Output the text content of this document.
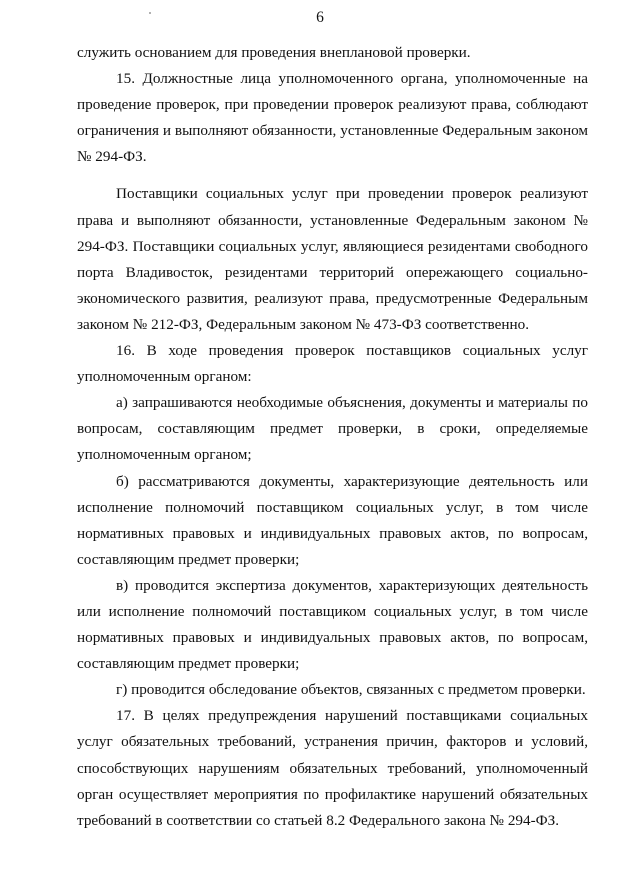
6

служить основанием для проведения внеплановой проверки.

15. Должностные лица уполномоченного органа, уполномоченные на проведение проверок, при проведении проверок реализуют права, соблюдают ограничения и выполняют обязанности, установленные Федеральным законом № 294-ФЗ.

Поставщики социальных услуг при проведении проверок реализуют права и выполняют обязанности, установленные Федеральным законом № 294-ФЗ. Поставщики социальных услуг, являющиеся резидентами свободного порта Владивосток, резидентами территорий опережающего социально-экономического развития, реализуют права, предусмотренные Федеральным законом № 212-ФЗ, Федеральным законом № 473-ФЗ соответственно.

16. В ходе проведения проверок поставщиков социальных услуг уполномоченным органом:

а) запрашиваются необходимые объяснения, документы и материалы по вопросам, составляющим предмет проверки, в сроки, определяемые уполномоченным органом;

б) рассматриваются документы, характеризующие деятельность или исполнение полномочий поставщиком социальных услуг, в том числе нормативных правовых и индивидуальных правовых актов, по вопросам, составляющим предмет проверки;

в) проводится экспертиза документов, характеризующих деятельность или исполнение полномочий поставщиком социальных услуг, в том числе нормативных правовых и индивидуальных правовых актов, по вопросам, составляющим предмет проверки;

г) проводится обследование объектов, связанных с предметом проверки.

17. В целях предупреждения нарушений поставщиками социальных услуг обязательных требований, устранения причин, факторов и условий, способствующих нарушениям обязательных требований, уполномоченный орган осуществляет мероприятия по профилактике нарушений обязательных требований в соответствии со статьей 8.2 Федерального закона № 294-ФЗ.
